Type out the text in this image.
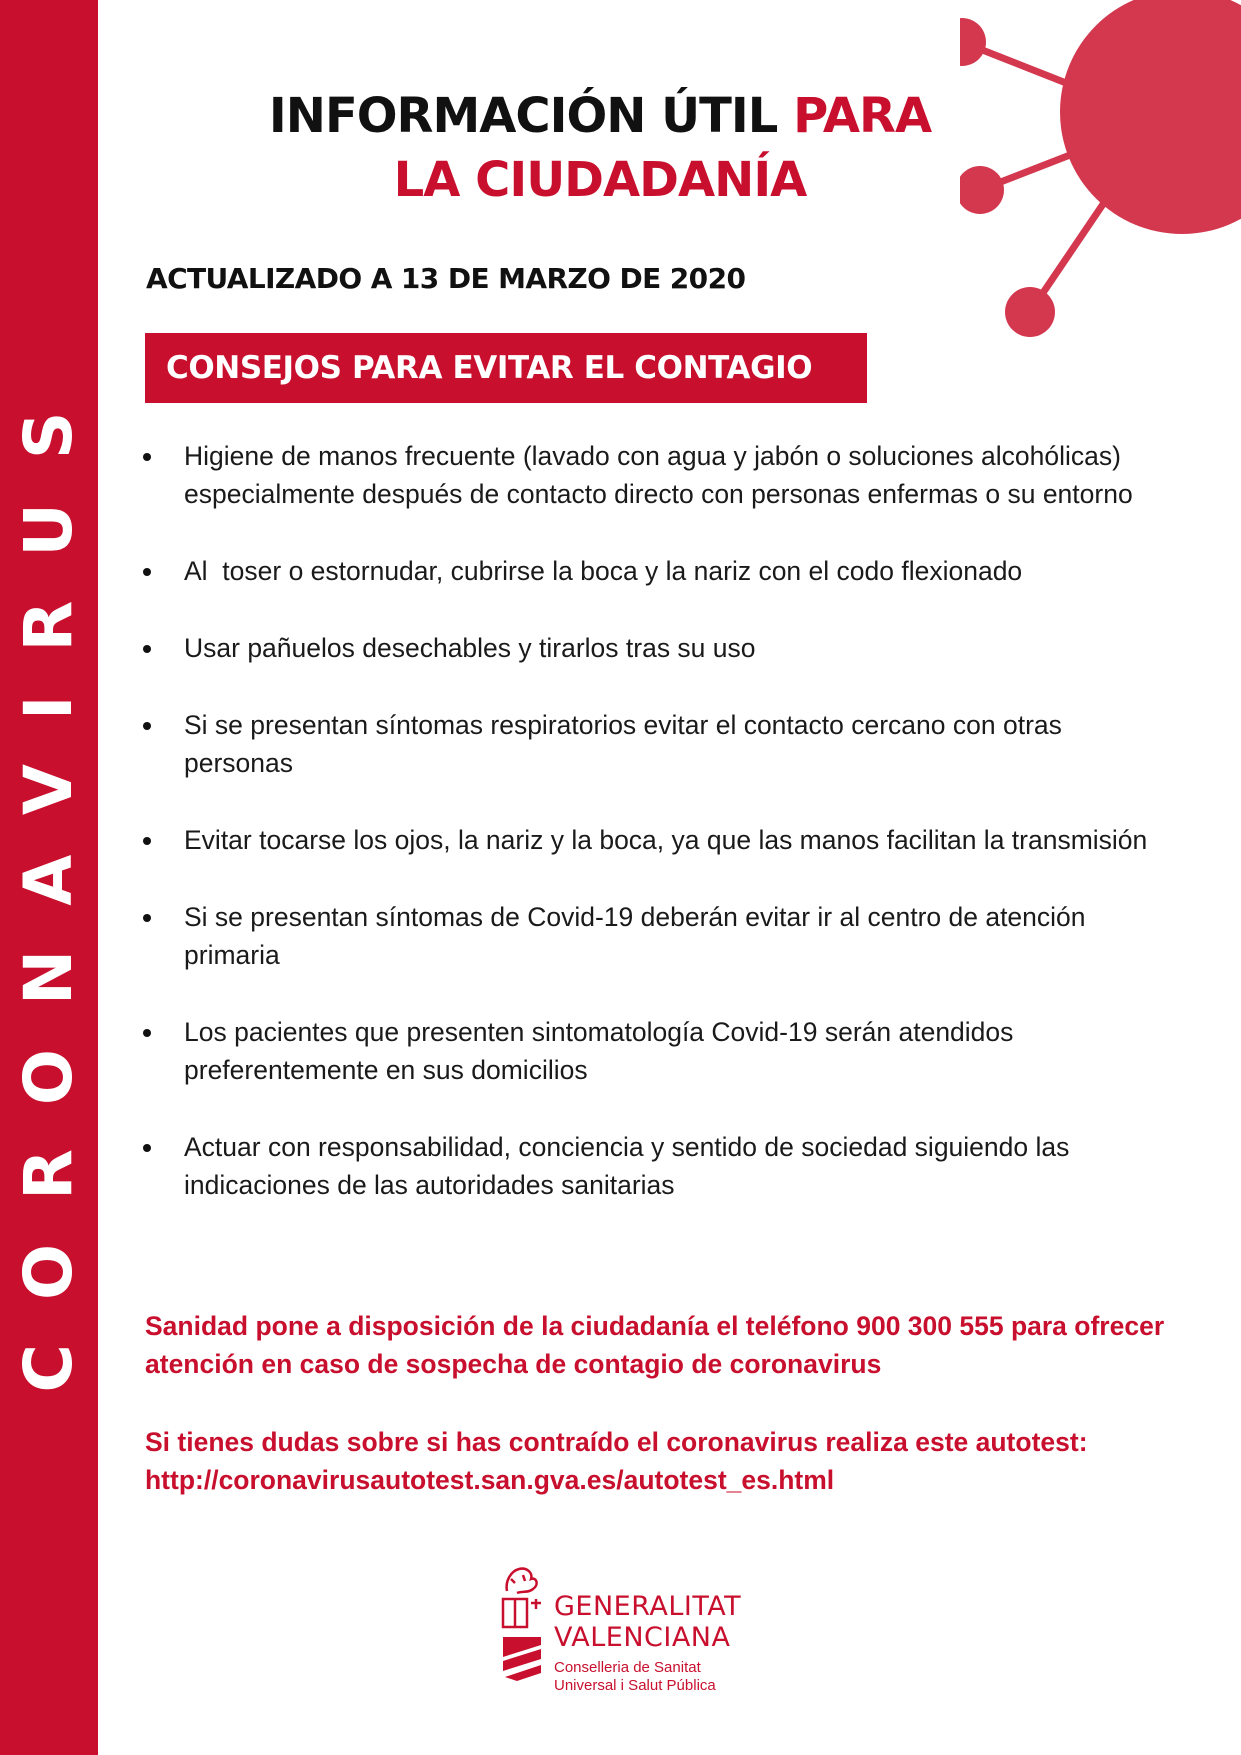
CORONAVIRUS
INFORMACIÓN ÚTIL PARA
LA CIUDADANÍA
ACTUALIZADO A 13 DE MARZO DE 2020
CONSEJOS PARA EVITAR EL CONTAGIO
Higiene de manos frecuente (lavado con agua y jabón o soluciones alcohólicas) especialmente después de contacto directo con personas enfermas o su entorno
Al  toser o estornudar, cubrirse la boca y la nariz con el codo flexionado
Usar pañuelos desechables y tirarlos tras su uso
Si se presentan síntomas respiratorios evitar el contacto cercano con otras personas
Evitar tocarse los ojos, la nariz y la boca, ya que las manos facilitan la transmisión
Si se presentan síntomas de Covid-19 deberán evitar ir al centro de atención primaria
Los pacientes que presenten sintomatología Covid-19 serán atendidos preferentemente en sus domicilios
Actuar con responsabilidad, conciencia y sentido de sociedad siguiendo las indicaciones de las autoridades sanitarias

Sanidad pone a disposición de la ciudadanía el teléfono 900 300 555 para ofrecer atención en caso de sospecha de contagio de coronavirus

Si tienes dudas sobre si has contraído el coronavirus realiza este autotest: http://coronavirusautotest.san.gva.es/autotest_es.html

GENERALITAT
VALENCIANA
Conselleria de Sanitat
Universal i Salut Pública
